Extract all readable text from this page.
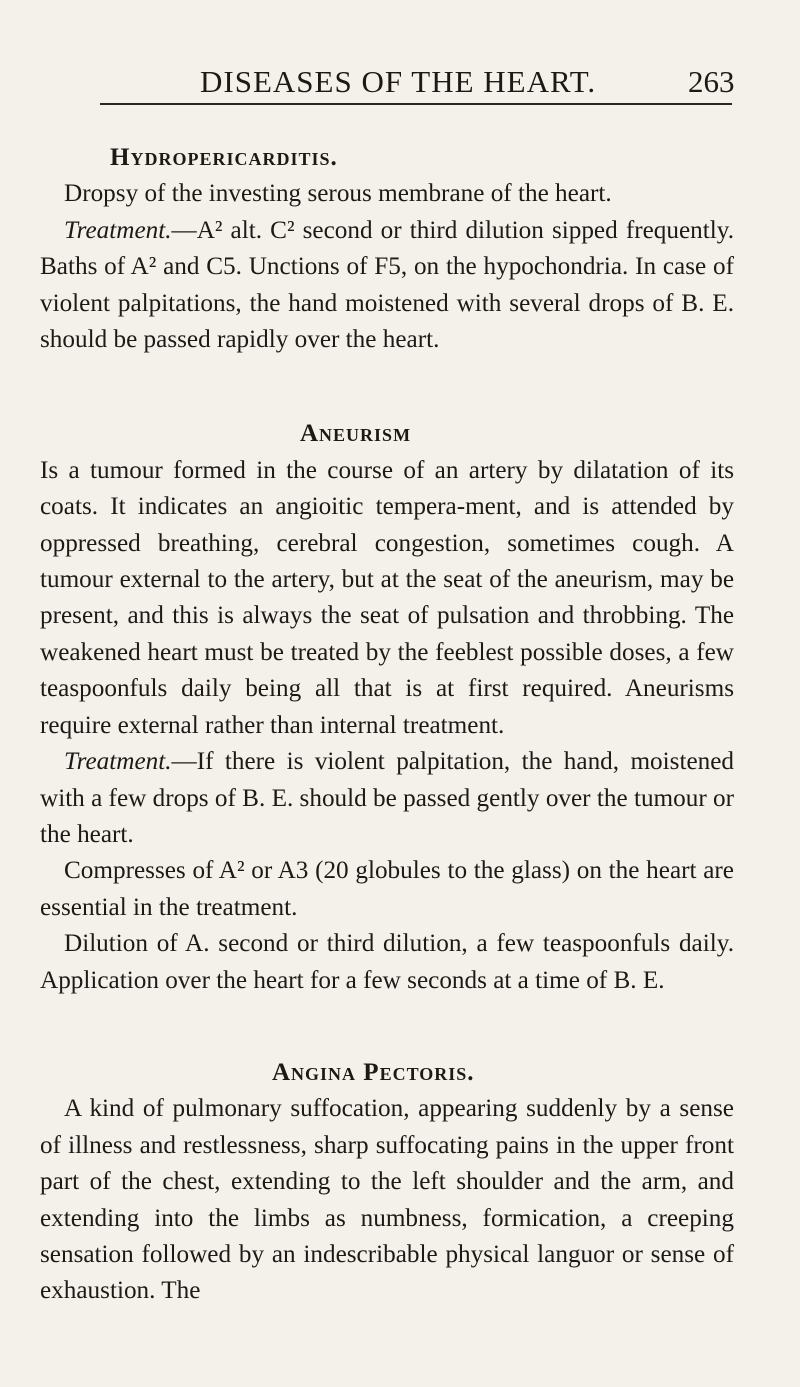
DISEASES OF THE HEART.	263
Hydropericarditis.

Dropsy of the investing serous membrane of the heart.

Treatment.—A² alt. C² second or third dilution sipped frequently. Baths of A² and C5. Unctions of F5, on the hypochondria. In case of violent palpitations, the hand moistened with several drops of B. E. should be passed rapidly over the heart.

Aneurism

Is a tumour formed in the course of an artery by dilatation of its coats. It indicates an angioitic tempera-ment, and is attended by oppressed breathing, cerebral congestion, sometimes cough. A tumour external to the artery, but at the seat of the aneurism, may be present, and this is always the seat of pulsation and throbbing. The weakened heart must be treated by the feeblest possible doses, a few teaspoonfuls daily being all that is at first required. Aneurisms require external rather than internal treatment.

Treatment.—If there is violent palpitation, the hand, moistened with a few drops of B. E. should be passed gently over the tumour or the heart.

Compresses of A² or A3 (20 globules to the glass) on the heart are essential in the treatment.

Dilution of A. second or third dilution, a few teaspoonfuls daily. Application over the heart for a few seconds at a time of B. E.

Angina Pectoris.

A kind of pulmonary suffocation, appearing suddenly by a sense of illness and restlessness, sharp suffocating pains in the upper front part of the chest, extending to the left shoulder and the arm, and extending into the limbs as numbness, formication, a creeping sensation followed by an indescribable physical languor or sense of exhaustion. The
